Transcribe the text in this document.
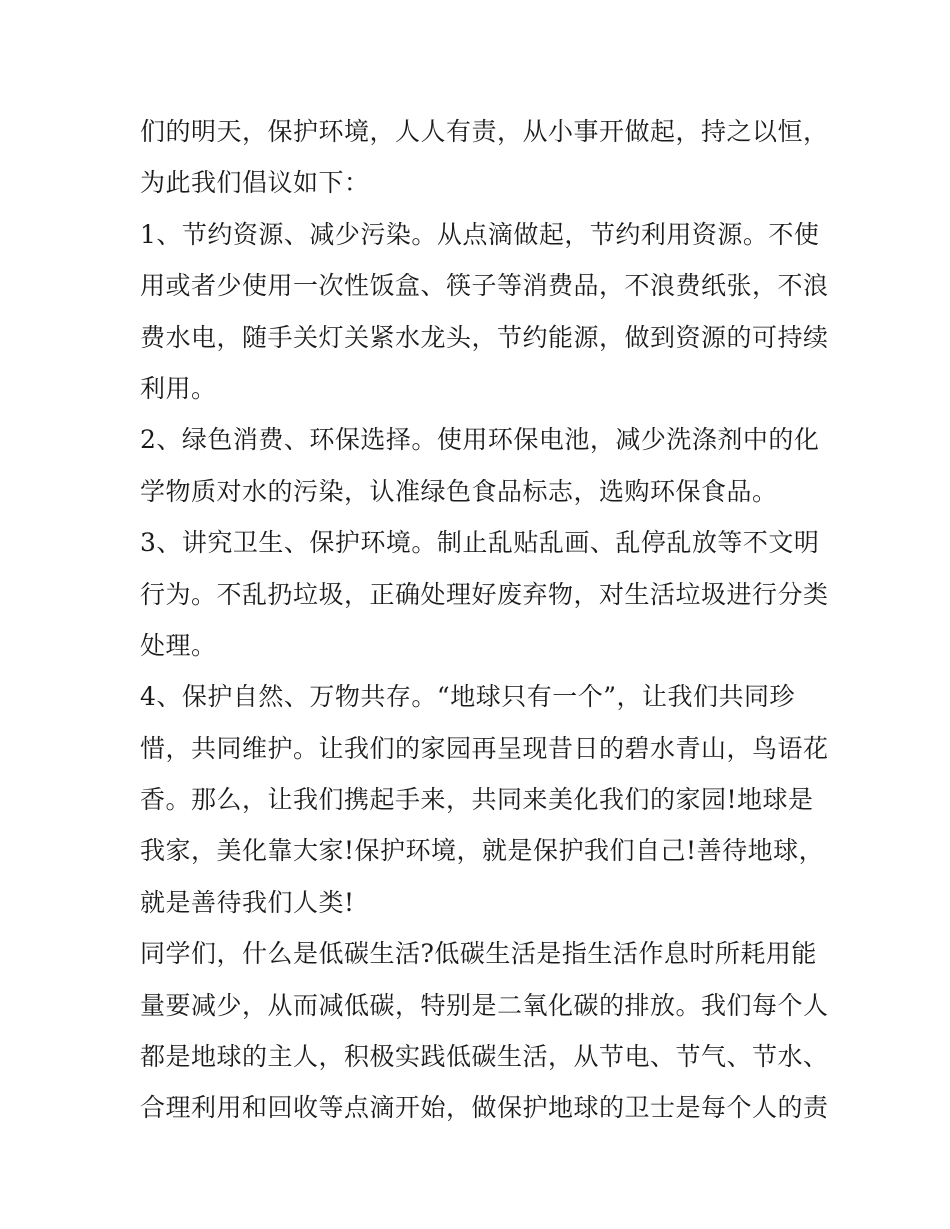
们的明天，保护环境，人人有责，从小事开做起，持之以恒，
为此我们倡议如下：
1、节约资源、减少污染。从点滴做起，节约利用资源。不使
用或者少使用一次性饭盒、筷子等消费品，不浪费纸张，不浪
费水电，随手关灯关紧水龙头，节约能源，做到资源的可持续
利用。
2、绿色消费、环保选择。使用环保电池，减少洗涤剂中的化
学物质对水的污染，认准绿色食品标志，选购环保食品。
3、讲究卫生、保护环境。制止乱贴乱画、乱停乱放等不文明
行为。不乱扔垃圾，正确处理好废弃物，对生活垃圾进行分类
处理。
4、保护自然、万物共存。“地球只有一个”，让我们共同珍
惜，共同维护。让我们的家园再呈现昔日的碧水青山，鸟语花
香。那么，让我们携起手来，共同来美化我们的家园!地球是
我家，美化靠大家!保护环境，就是保护我们自己!善待地球，
就是善待我们人类!
同学们，什么是低碳生活?低碳生活是指生活作息时所耗用能
量要减少，从而减低碳，特别是二氧化碳的排放。我们每个人
都是地球的主人，积极实践低碳生活，从节电、节气、节水、
合理利用和回收等点滴开始，做保护地球的卫士是每个人的责
